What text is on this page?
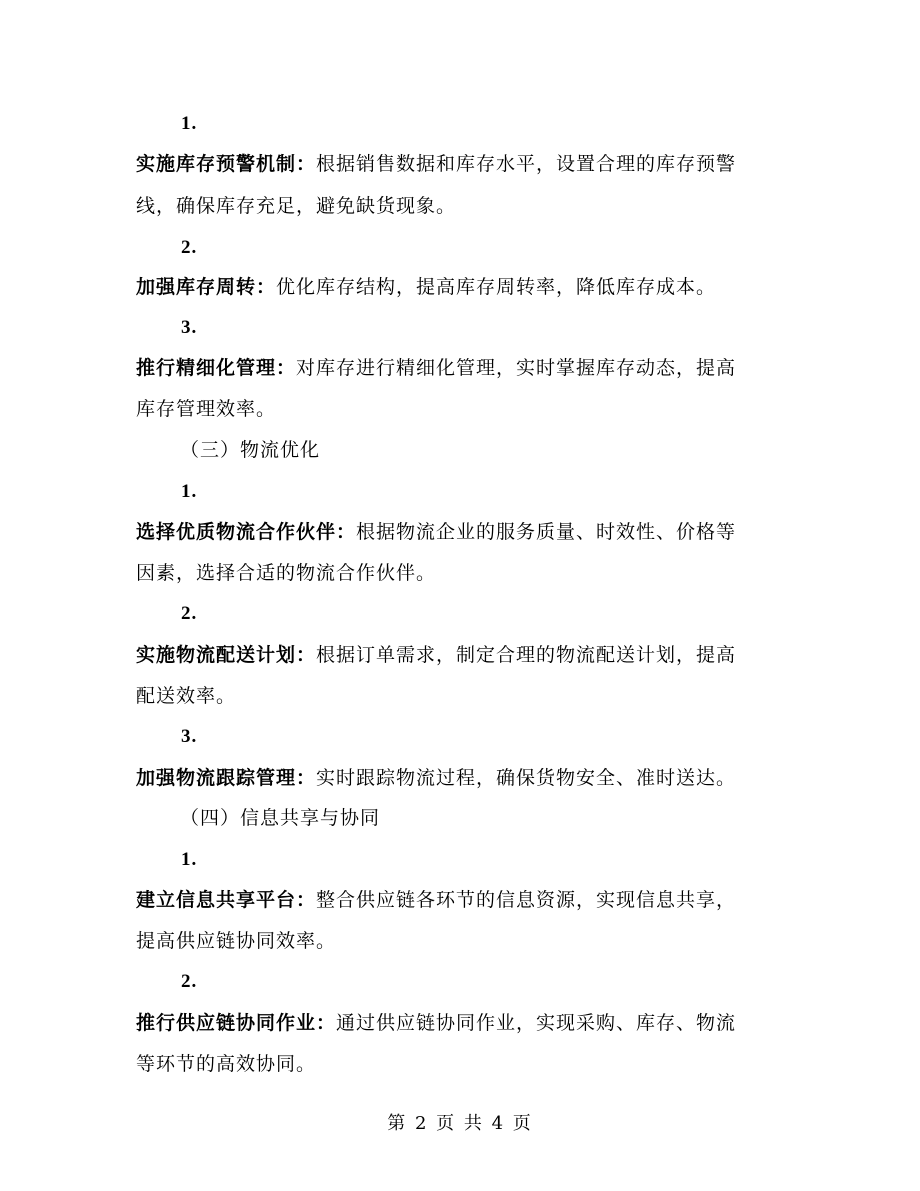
1.
实施库存预警机制：根据销售数据和库存水平，设置合理的库存预警
线，确保库存充足，避免缺货现象。
2.
加强库存周转：优化库存结构，提高库存周转率，降低库存成本。
3.
推行精细化管理：对库存进行精细化管理，实时掌握库存动态，提高
库存管理效率。
（三）物流优化
1.
选择优质物流合作伙伴：根据物流企业的服务质量、时效性、价格等
因素，选择合适的物流合作伙伴。
2.
实施物流配送计划：根据订单需求，制定合理的物流配送计划，提高
配送效率。
3.
加强物流跟踪管理：实时跟踪物流过程，确保货物安全、准时送达。
（四）信息共享与协同
1.
建立信息共享平台：整合供应链各环节的信息资源，实现信息共享，
提高供应链协同效率。
2.
推行供应链协同作业：通过供应链协同作业，实现采购、库存、物流
等环节的高效协同。
第 2 页 共 4 页
